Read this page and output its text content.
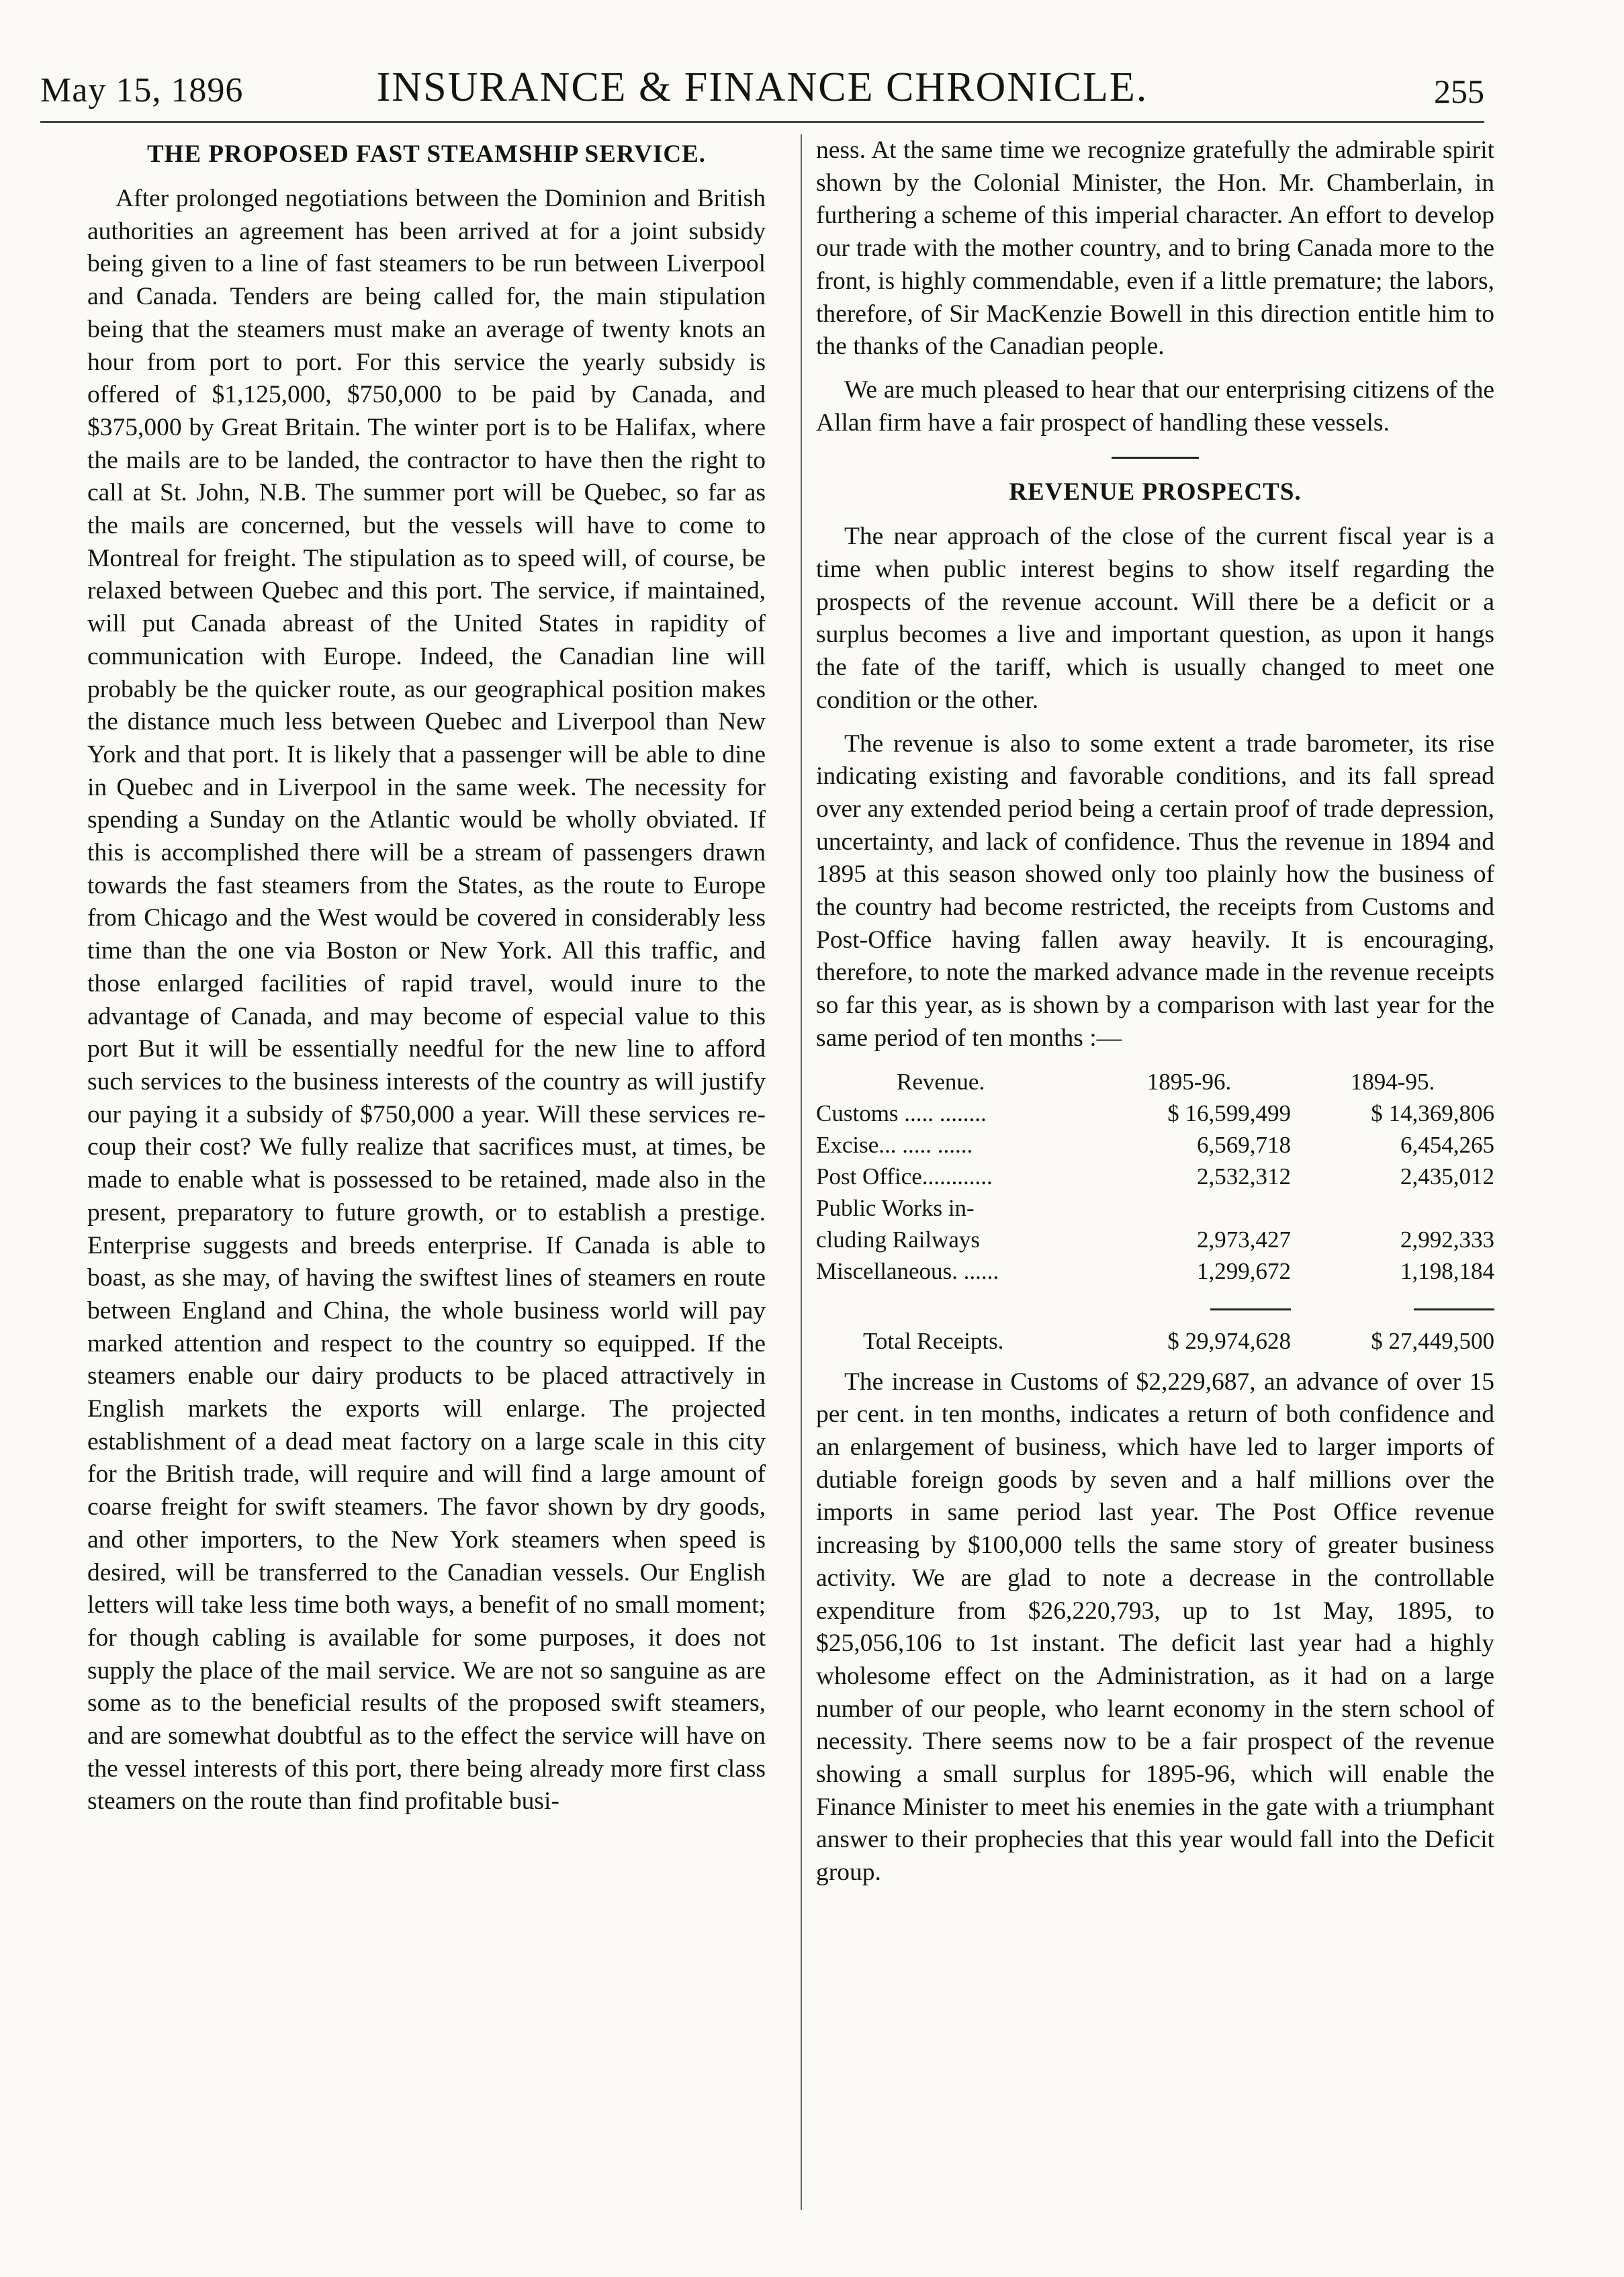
May 15, 1896	INSURANCE & FINANCE CHRONICLE.	255
THE PROPOSED FAST STEAMSHIP SERVICE.

After prolonged negotiations between the Dominion and British authorities an agreement has been arrived at for a joint subsidy being given to a line of fast steamers to be run between Liverpool and Canada. Tenders are being called for, the main stipulation being that the steamers must make an average of twenty knots an hour from port to port. For this service the yearly subsidy is offered of $1,125,000, $750,000 to be paid by Canada, and $375,000 by Great Britain. The winter port is to be Halifax, where the mails are to be landed, the contractor to have then the right to call at St. John, N.B. The summer port will be Quebec, so far as the mails are concerned, but the vessels will have to come to Montreal for freight. The stipulation as to speed will, of course, be relaxed between Quebec and this port. The service, if maintained, will put Canada abreast of the United States in rapidity of communication with Europe. Indeed, the Canadian line will probably be the quicker route, as our geographical position makes the distance much less between Quebec and Liverpool than New York and that port. It is likely that a passenger will be able to dine in Quebec and in Liverpool in the same week. The necessity for spending a Sunday on the Atlantic would be wholly obviated. If this is accomplished there will be a stream of passengers drawn towards the fast steamers from the States, as the route to Europe from Chicago and the West would be covered in considerably less time than the one via Boston or New York. All this traffic, and those enlarged facilities of rapid travel, would inure to the advantage of Canada, and may become of especial value to this port But it will be essentially needful for the new line to afford such services to the business interests of the country as will justify our paying it a subsidy of $750,000 a year. Will these services re-coup their cost? We fully realize that sacrifices must, at times, be made to enable what is possessed to be retained, made also in the present, preparatory to future growth, or to establish a prestige. Enterprise suggests and breeds enterprise. If Canada is able to boast, as she may, of having the swiftest lines of steamers en route between England and China, the whole business world will pay marked attention and respect to the country so equipped. If the steamers enable our dairy products to be placed attractively in English markets the exports will enlarge. The projected establishment of a dead meat factory on a large scale in this city for the British trade, will require and will find a large amount of coarse freight for swift steamers. The favor shown by dry goods, and other importers, to the New York steamers when speed is desired, will be transferred to the Canadian vessels. Our English letters will take less time both ways, a benefit of no small moment; for though cabling is available for some purposes, it does not supply the place of the mail service. We are not so sanguine as are some as to the beneficial results of the proposed swift steamers, and are somewhat doubtful as to the effect the service will have on the vessel interests of this port, there being already more first class steamers on the route than find profitable busi-

ness. At the same time we recognize gratefully the admirable spirit shown by the Colonial Minister, the Hon. Mr. Chamberlain, in furthering a scheme of this imperial character. An effort to develop our trade with the mother country, and to bring Canada more to the front, is highly commendable, even if a little premature; the labors, therefore, of Sir MacKenzie Bowell in this direction entitle him to the thanks of the Canadian people.

We are much pleased to hear that our enterprising citizens of the Allan firm have a fair prospect of handling these vessels.

REVENUE PROSPECTS.

The near approach of the close of the current fiscal year is a time when public interest begins to show itself regarding the prospects of the revenue account. Will there be a deficit or a surplus becomes a live and important question, as upon it hangs the fate of the tariff, which is usually changed to meet one condition or the other.

The revenue is also to some extent a trade barometer, its rise indicating existing and favorable conditions, and its fall spread over any extended period being a certain proof of trade depression, uncertainty, and lack of confidence. Thus the revenue in 1894 and 1895 at this season showed only too plainly how the business of the country had become restricted, the receipts from Customs and Post-Office having fallen away heavily. It is encouraging, therefore, to note the marked advance made in the revenue receipts so far this year, as is shown by a comparison with last year for the same period of ten months :—

Revenue.	1895-96.	1894-95.
Customs ..... ........	$ 16,599,499	$ 14,369,806
Excise... ..... ......	6,569,718	6,454,265
Post Office............	2,532,312	2,435,012
Public Works in-		
cluding Railways	2,973,427	2,992,333
Miscellaneous. ......	1,299,672	1,198,184

Total Receipts.	$ 29,974,628	$ 27,449,500

The increase in Customs of $2,229,687, an advance of over 15 per cent. in ten months, indicates a return of both confidence and an enlargement of business, which have led to larger imports of dutiable foreign goods by seven and a half millions over the imports in same period last year. The Post Office revenue increasing by $100,000 tells the same story of greater business activity. We are glad to note a decrease in the controllable expenditure from $26,220,793, up to 1st May, 1895, to $25,056,106 to 1st instant. The deficit last year had a highly wholesome effect on the Administration, as it had on a large number of our people, who learnt economy in the stern school of necessity. There seems now to be a fair prospect of the revenue showing a small surplus for 1895-96, which will enable the Finance Minister to meet his enemies in the gate with a triumphant answer to their prophecies that this year would fall into the Deficit group.
